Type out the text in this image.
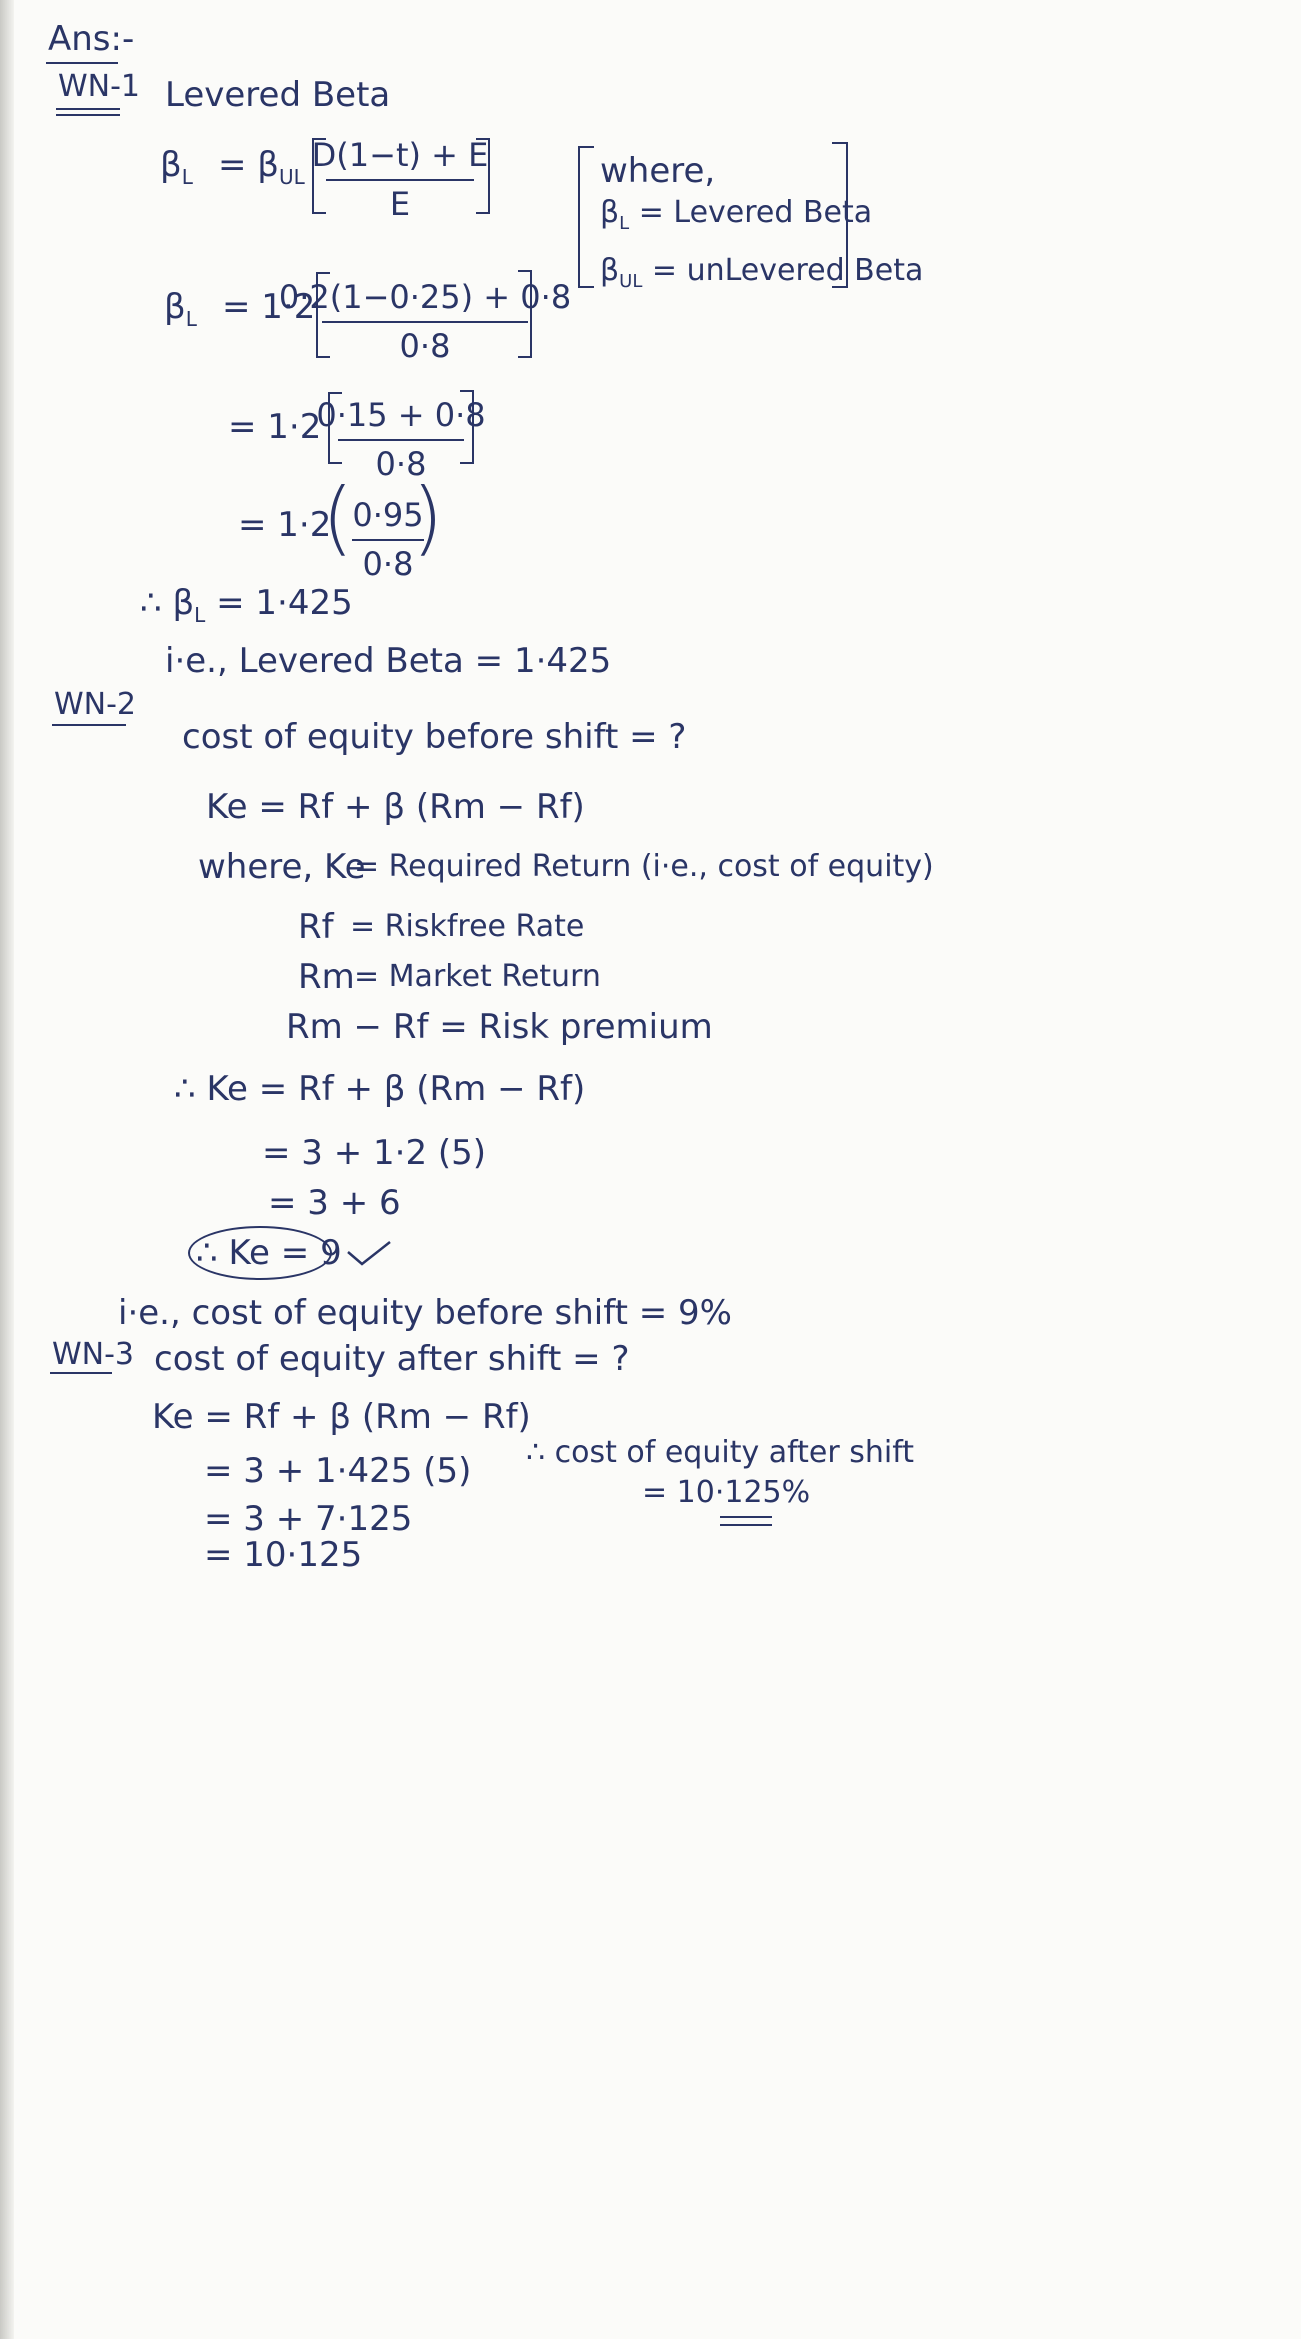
Ans:-
WN-1 Levered Beta
$\beta_L = \beta_{UL}$
D(1−t) + E
E
where,
$\beta_L$ = Levered Beta
$\beta_{UL}$ = unLevered Beta
$\beta_L = 1\cdot 2$
0·2(1−0·25) + 0·8
0·8
= 1·2
0·15 + 0·8
0·8
= 1·2
( 0·95
0·8
)
∴ $\beta_L = 1\cdot 425$
i·e., Levered Beta = 1·425
WN-2
cost of equity before shift = ?
Ke = Rf + β (Rm − Rf)
where, Ke
= Required Return (i·e., cost of equity)
Rf = Riskfree Rate
Rm = Market Return
Rm − Rf = Risk premium
∴ Ke = Rf + β (Rm − Rf)
= 3 + 1·2 (5)
= 3 + 6
∴ Ke = 9
i·e., cost of equity before shift = 9%
WN-3 cost of equity after shift = ?
Ke = Rf + β (Rm − Rf)
= 3 + 1·425 (5)
= 3 + 7·125
= 10·125
∴ cost of equity after shift
= 10·125%
